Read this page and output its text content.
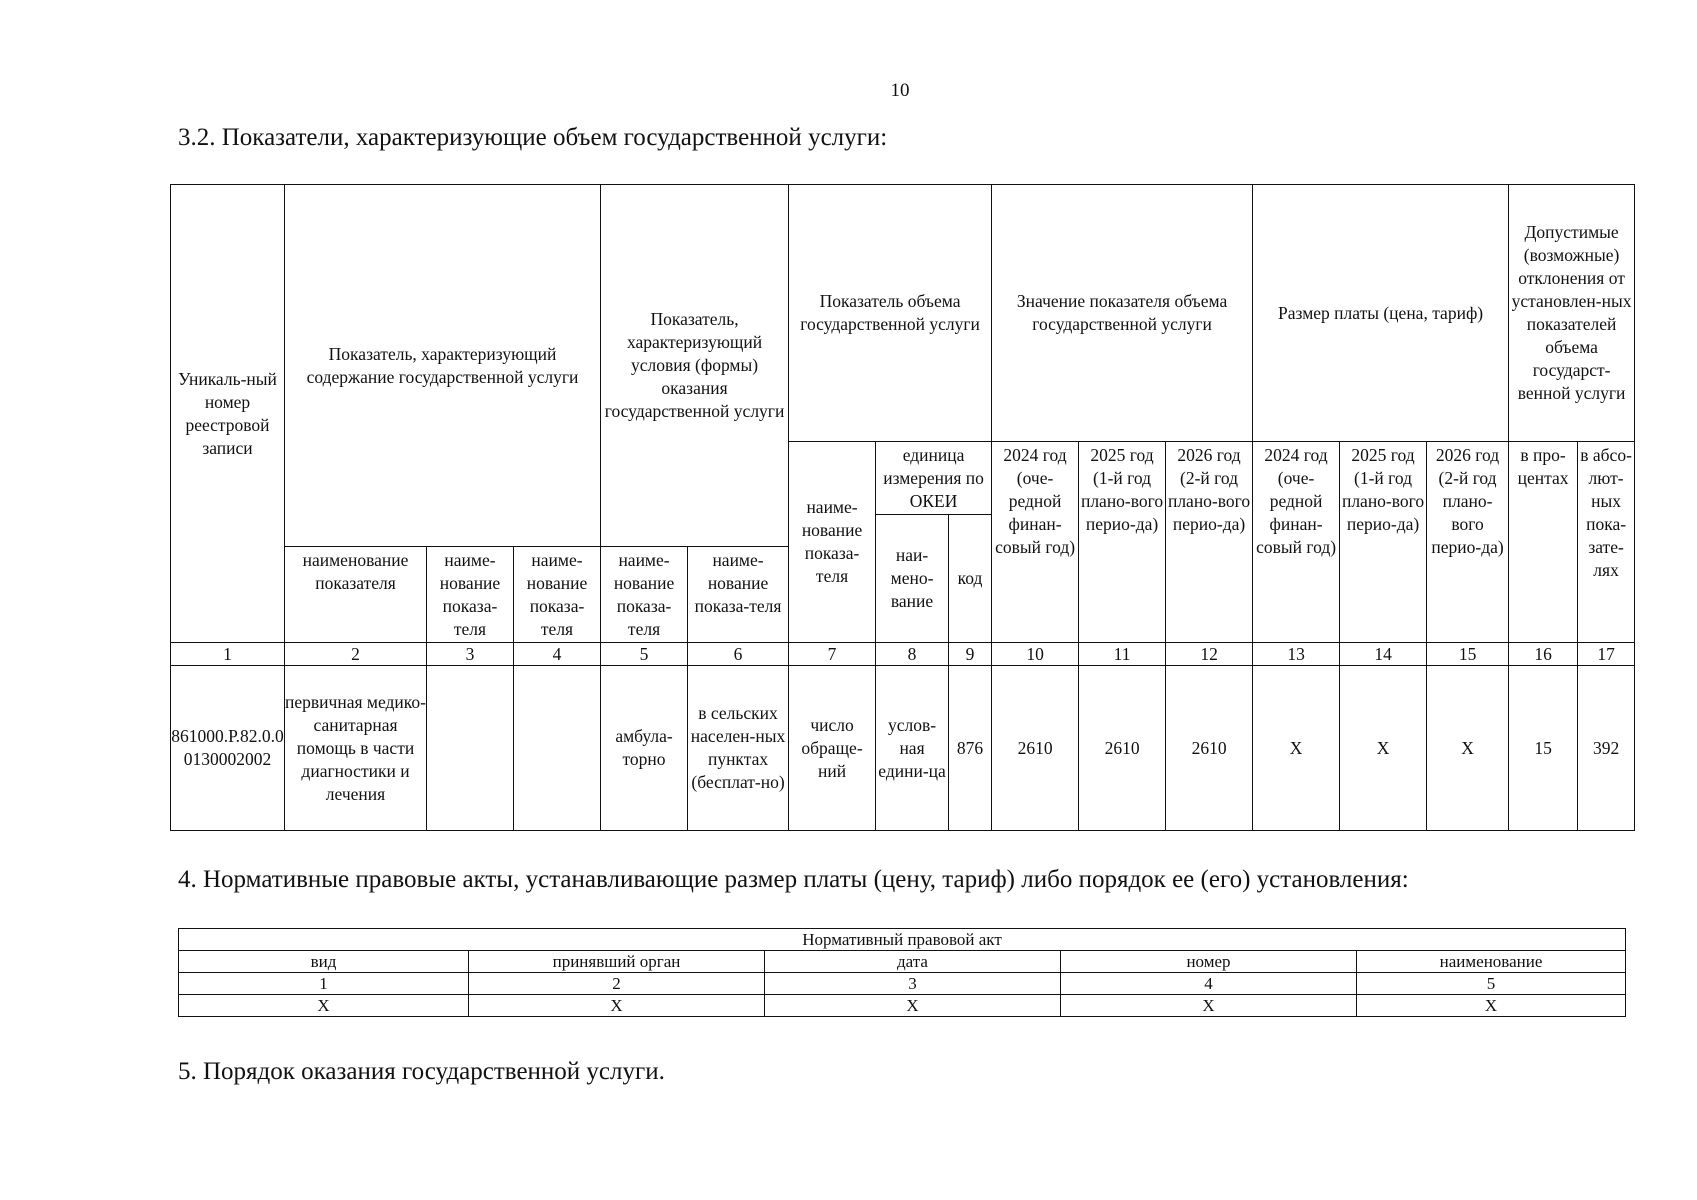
10
3.2. Показатели, характеризующие объем государственной услуги:
Уникаль-ный номер реестровой записи	Показатель, характеризующий содержание государственной услуги			Показатель, характеризующий условия (формы) оказания государственной услуги		Показатель объема государственной услуги			Значение показателя объема государственной услуги			Размер платы (цена, тариф)			Допустимые (возможные) отклонения от установлен-ных показателей объема государст-венной услуги	
						наиме-нование показа-теля	единица измерения по ОКЕИ		2024 год (оче-редной финан-совый год)	2025 год (1-й год плано-вого перио-да)	2026 год (2-й год плано-вого перио-да)	2024 год (оче-редной финан-совый год)	2025 год (1-й год плано-вого перио-да)	2026 год (2-й год плано-вого перио-да)	в про-центах	в абсо-лют-ных пока-зате-лях
							наи-мено-вание	код								
	наименование показателя	наиме-нование показа-теля	наиме-нование показа-теля	наиме-нование показа-теля	наиме-нование показа-теля											
1	2	3	4	5	6	7	8	9	10	11	12	13	14	15	16	17
861000.Р.82.0.00130002002	первичная медико-санитарная помощь в части диагностики и лечения			амбула-торно	в сельских населен-ных пунктах (бесплат-но)	число обраще-ний	услов-ная едини-ца	876	2610	2610	2610	X	X	X	15	392
4. Нормативные правовые акты, устанавливающие размер платы (цену, тариф) либо порядок ее (его) установления:
Нормативный правовой акт				
вид	принявший орган	дата	номер	наименование
1	2	3	4	5
X	X	X	X	X
5. Порядок оказания государственной услуги.
